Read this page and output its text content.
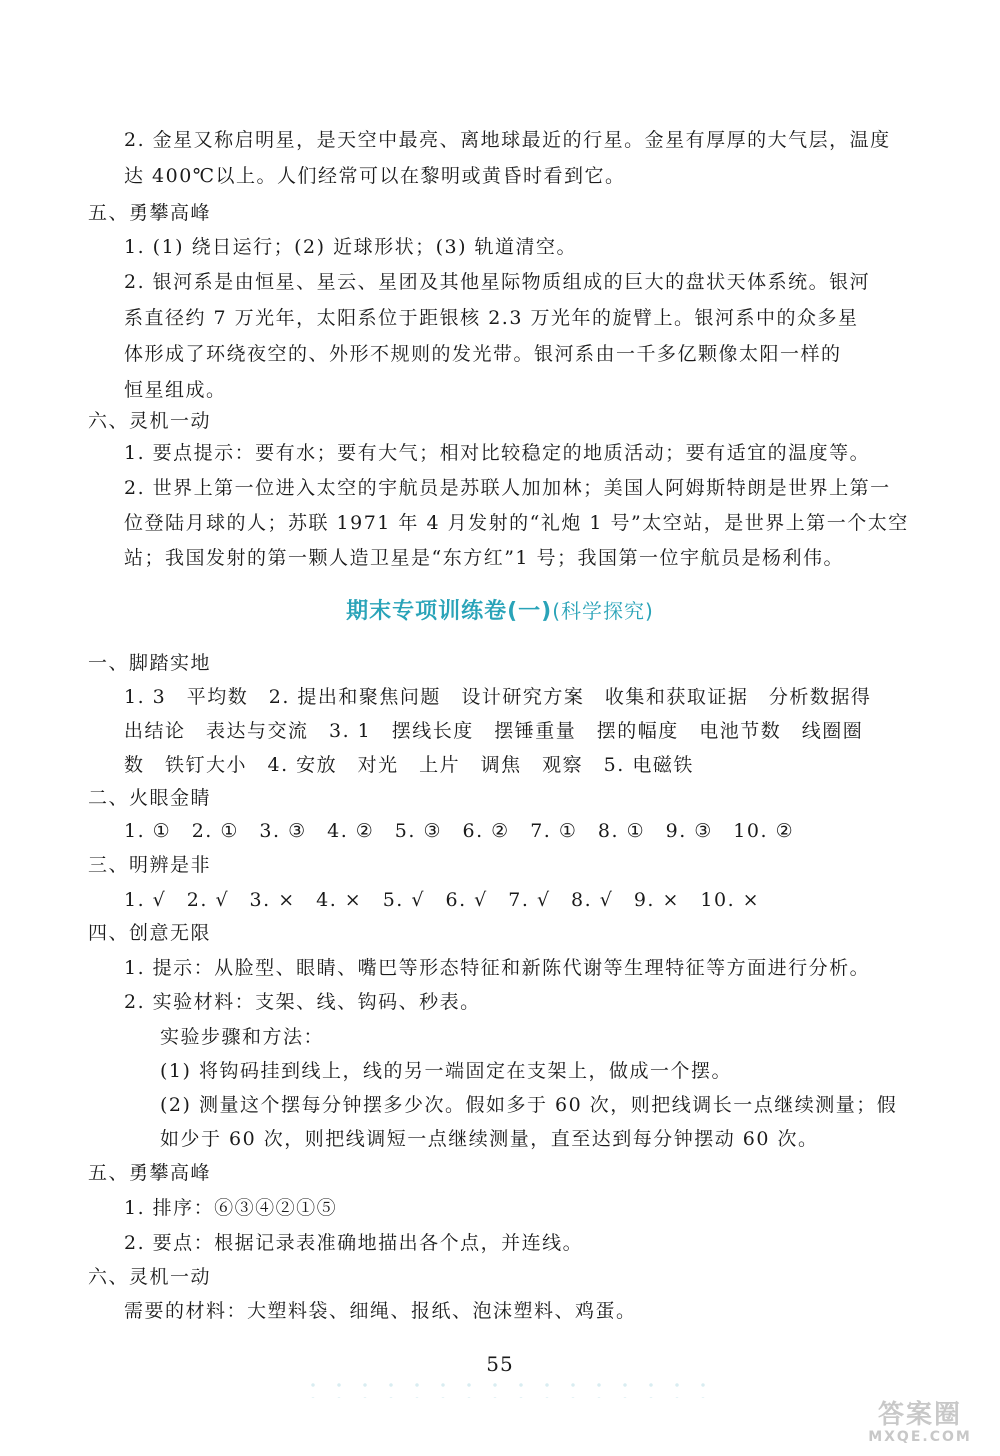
2. 金星又称启明星，是天空中最亮、离地球最近的行星。金星有厚厚的大气层，温度
达 400℃以上。人们经常可以在黎明或黄昏时看到它。
五、勇攀高峰
1. (1) 绕日运行；(2) 近球形状；(3) 轨道清空。
2. 银河系是由恒星、星云、星团及其他星际物质组成的巨大的盘状天体系统。银河
系直径约 7 万光年，太阳系位于距银核 2.3 万光年的旋臂上。银河系中的众多星
体形成了环绕夜空的、外形不规则的发光带。银河系由一千多亿颗像太阳一样的
恒星组成。
六、灵机一动
1. 要点提示：要有水；要有大气；相对比较稳定的地质活动；要有适宜的温度等。
2. 世界上第一位进入太空的宇航员是苏联人加加林；美国人阿姆斯特朗是世界上第一
位登陆月球的人；苏联 1971 年 4 月发射的“礼炮 1 号”太空站，是世界上第一个太空
站；我国发射的第一颗人造卫星是“东方红”1 号；我国第一位宇航员是杨利伟。
期末专项训练卷(一)(科学探究)
一、脚踏实地
1. 3　平均数　2. 提出和聚焦问题　设计研究方案　收集和获取证据　分析数据得
出结论　表达与交流　3. 1　摆线长度　摆锤重量　摆的幅度　电池节数　线圈圈
数　铁钉大小　4. 安放　对光　上片　调焦　观察　5. 电磁铁
二、火眼金睛
1. ①　2. ①　3. ③　4. ②　5. ③　6. ②　7. ①　8. ①　9. ③　10. ②
三、明辨是非
1. √　2. √　3. ×　4. ×　5. √　6. √　7. √　8. √　9. ×　10. ×
四、创意无限
1. 提示：从脸型、眼睛、嘴巴等形态特征和新陈代谢等生理特征等方面进行分析。
2. 实验材料：支架、线、钩码、秒表。
实验步骤和方法：
(1) 将钩码挂到线上，线的另一端固定在支架上，做成一个摆。
(2) 测量这个摆每分钟摆多少次。假如多于 60 次，则把线调长一点继续测量；假
如少于 60 次，则把线调短一点继续测量，直至达到每分钟摆动 60 次。
五、勇攀高峰
1. 排序：⑥③④②①⑤
2. 要点：根据记录表准确地描出各个点，并连线。
六、灵机一动
需要的材料：大塑料袋、细绳、报纸、泡沫塑料、鸡蛋。
55
答案圈
MXQE.COM
